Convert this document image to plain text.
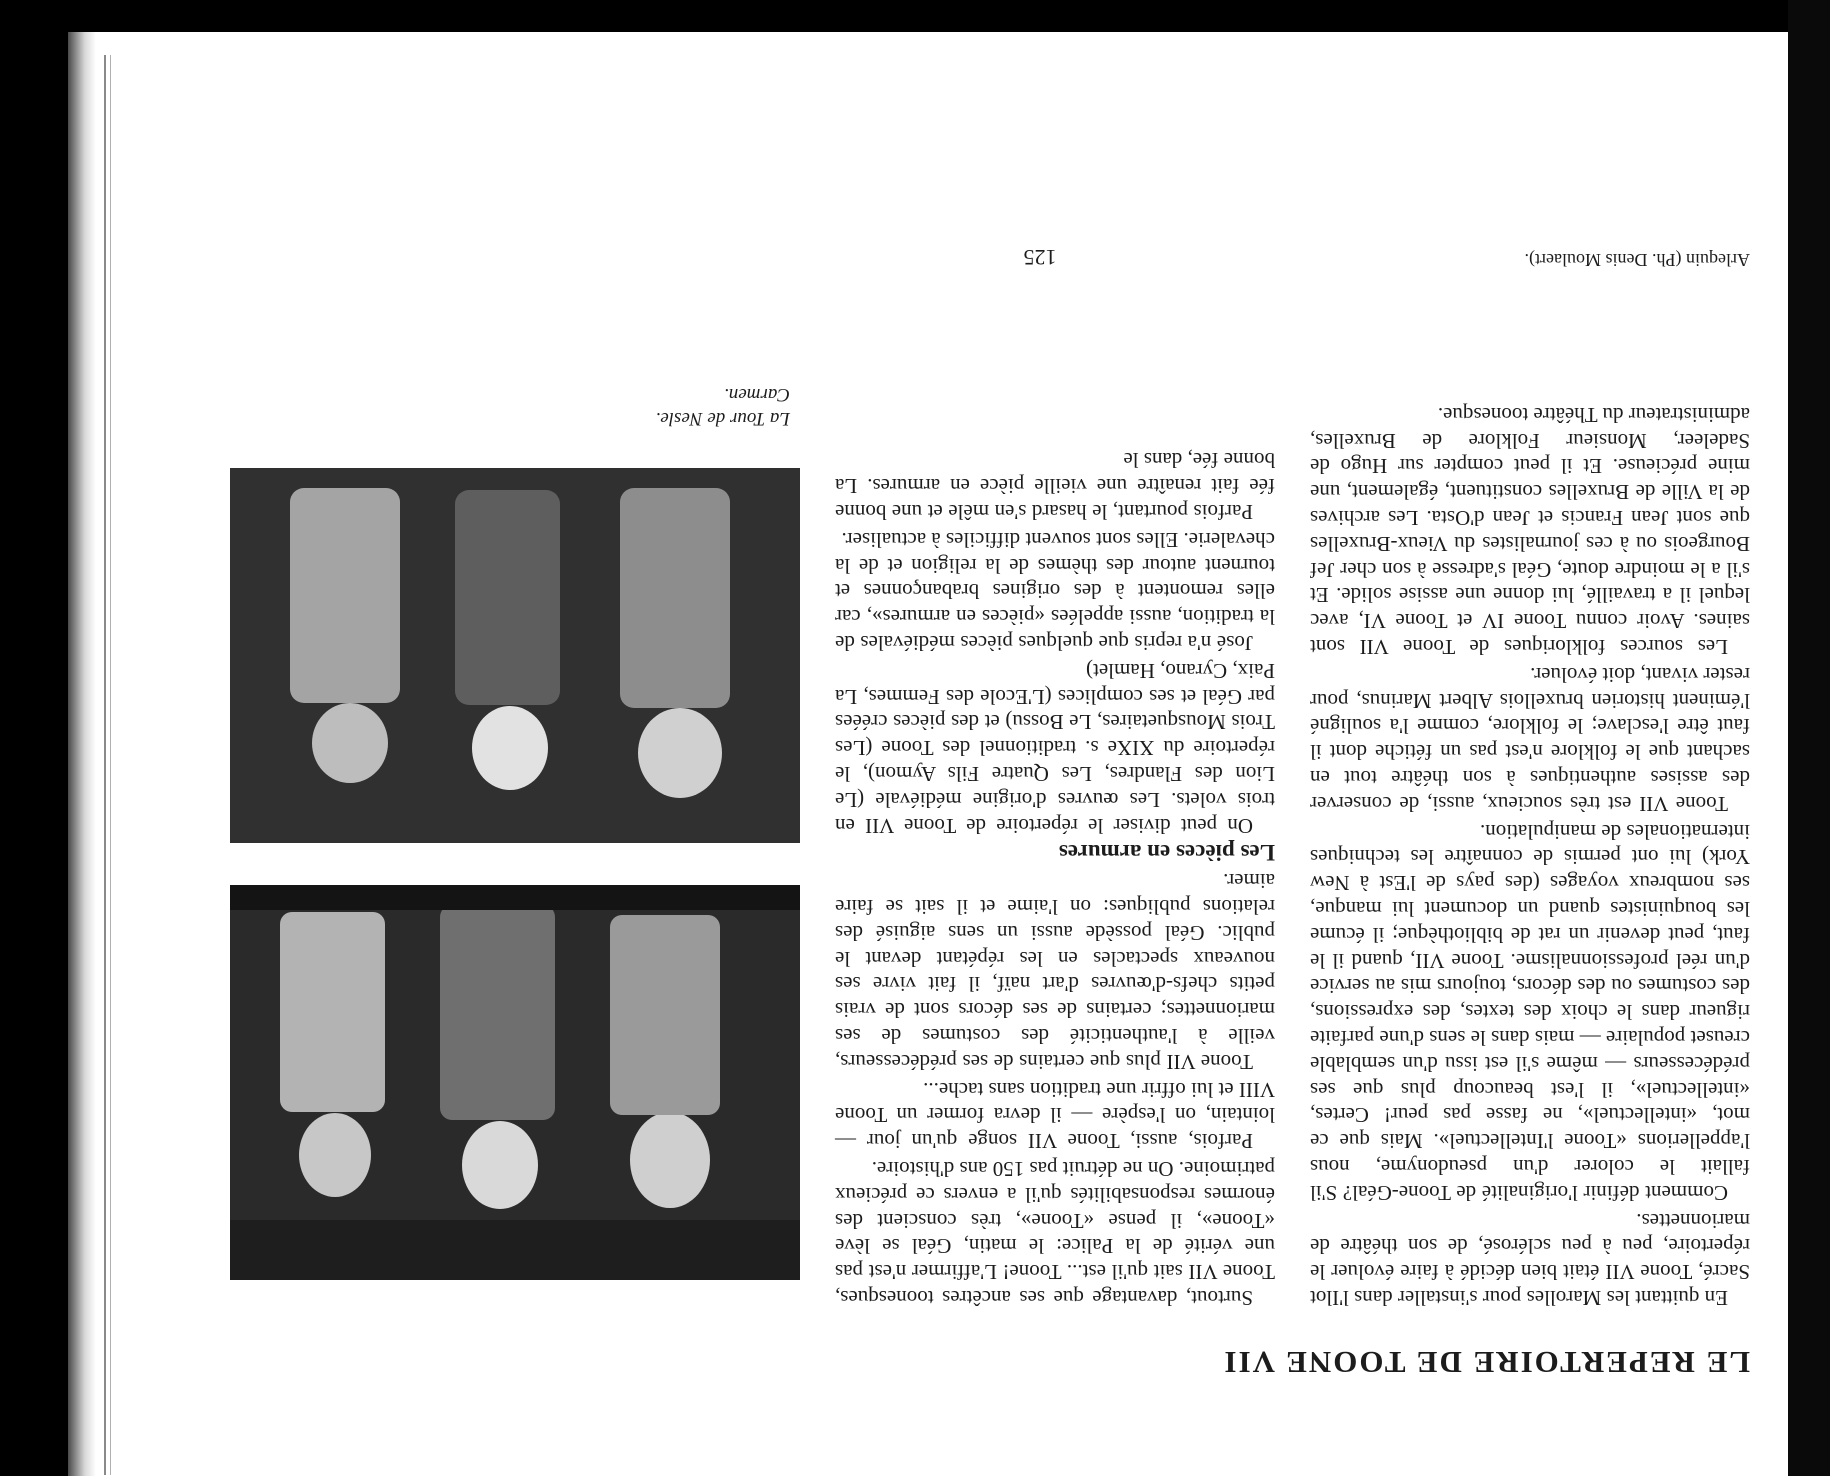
LE REPERTOIRE DE TOONE VII

En quittant les Marolles pour s'installer dans l'Ilot Sacré, Toone VII était bien décidé à faire évoluer le répertoire, peu à peu sclérosé, de son théâtre de marionnettes.

Comment définir l'originalité de Toone-Géal? S'il fallait le colorer d'un pseudonyme, nous l'appellerions «Toone l'Intellectuel». Mais que ce mot, «intellectuel», ne fasse pas peur! Certes, «intellectuel», il l'est beaucoup plus que ses prédécesseurs — même s'il est issu d'un semblable creuset populaire — mais dans le sens d'une parfaite rigueur dans le choix des textes, des expressions, des costumes ou des décors, toujours mis au service d'un réel professionnalisme. Toone VII, quand il le faut, peut devenir un rat de bibliothèque; il écume les bouquinistes quand un document lui manque, ses nombreux voyages (des pays de l'Est à New York) lui ont permis de connaître les techniques internationales de manipulation.

Toone VII est très soucieux, aussi, de conserver des assises authentiques à son théâtre tout en sachant que le folklore n'est pas un fétiche dont il faut être l'esclave; le folklore, comme l'a souligné l'éminent historien bruxellois Albert Marinus, pour rester vivant, doit évoluer.

Les sources folkloriques de Toone VII sont saines. Avoir connu Toone IV et Toone VI, avec lequel il a travaillé, lui donne une assise solide. Et s'il a le moindre doute, Géal s'adresse à son cher Jef Bourgeois ou à ces journalistes du Vieux-Bruxelles que sont Jean Francis et Jean d'Osta. Les archives de la Ville de Bruxelles constituent, également, une mine précieuse. Et il peut compter sur Hugo de Sadeleer, Monsieur Folklore de Bruxelles, administrateur du Théâtre toonesque.

Surtout, davantage que ses ancêtres toonesques, Toone VII sait qu'il est... Toone! L'affirmer n'est pas une vérité de la Palice: le matin, Géal se lève «Toone», il pense «Toone», très conscient des énormes responsabilités qu'il a envers ce précieux patrimoine. On ne détruit pas 150 ans d'histoire.

Parfois, aussi, Toone VII songe qu'un jour — lointain, on l'espère — il devra former un Toone VIII et lui offrir une tradition sans tache...

Toone VII plus que certains de ses prédécesseurs, veille à l'authenticité des costumes de ses marionnettes; certains de ses décors sont de vrais petits chefs-d'œuvres d'art naïf, il fait vivre ses nouveaux spectacles en les répétant devant le public. Géal possède aussi un sens aiguisé des relations publiques: on l'aime et il sait se faire aimer.

Les pièces en armures

On peut diviser le répertoire de Toone VII en trois volets. Les œuvres d'origine médiévale (Le Lion des Flandres, Les Quatre Fils Aymon), le répertoire du XIXe s. traditionnel des Toone (Les Trois Mousquetaires, Le Bossu) et des pièces créées par Géal et ses complices (L'Ecole des Femmes, La Paix, Cyrano, Hamlet)

José n'a repris que quelques pièces médiévales de la tradition, aussi appelées «pièces en armures», car elles remontent à des origines brabançonnes et tournent autour des thèmes de la religion et de la chevalerie. Elles sont souvent difficiles à actualiser.

Parfois pourtant, le hasard s'en mêle et une bonne fée fait renaître une vieille pièce en armures. La bonne fée, dans le

Arlequin (Ph. Denis Moulaert).
125
La Tour de Nesle.
Carmen.
